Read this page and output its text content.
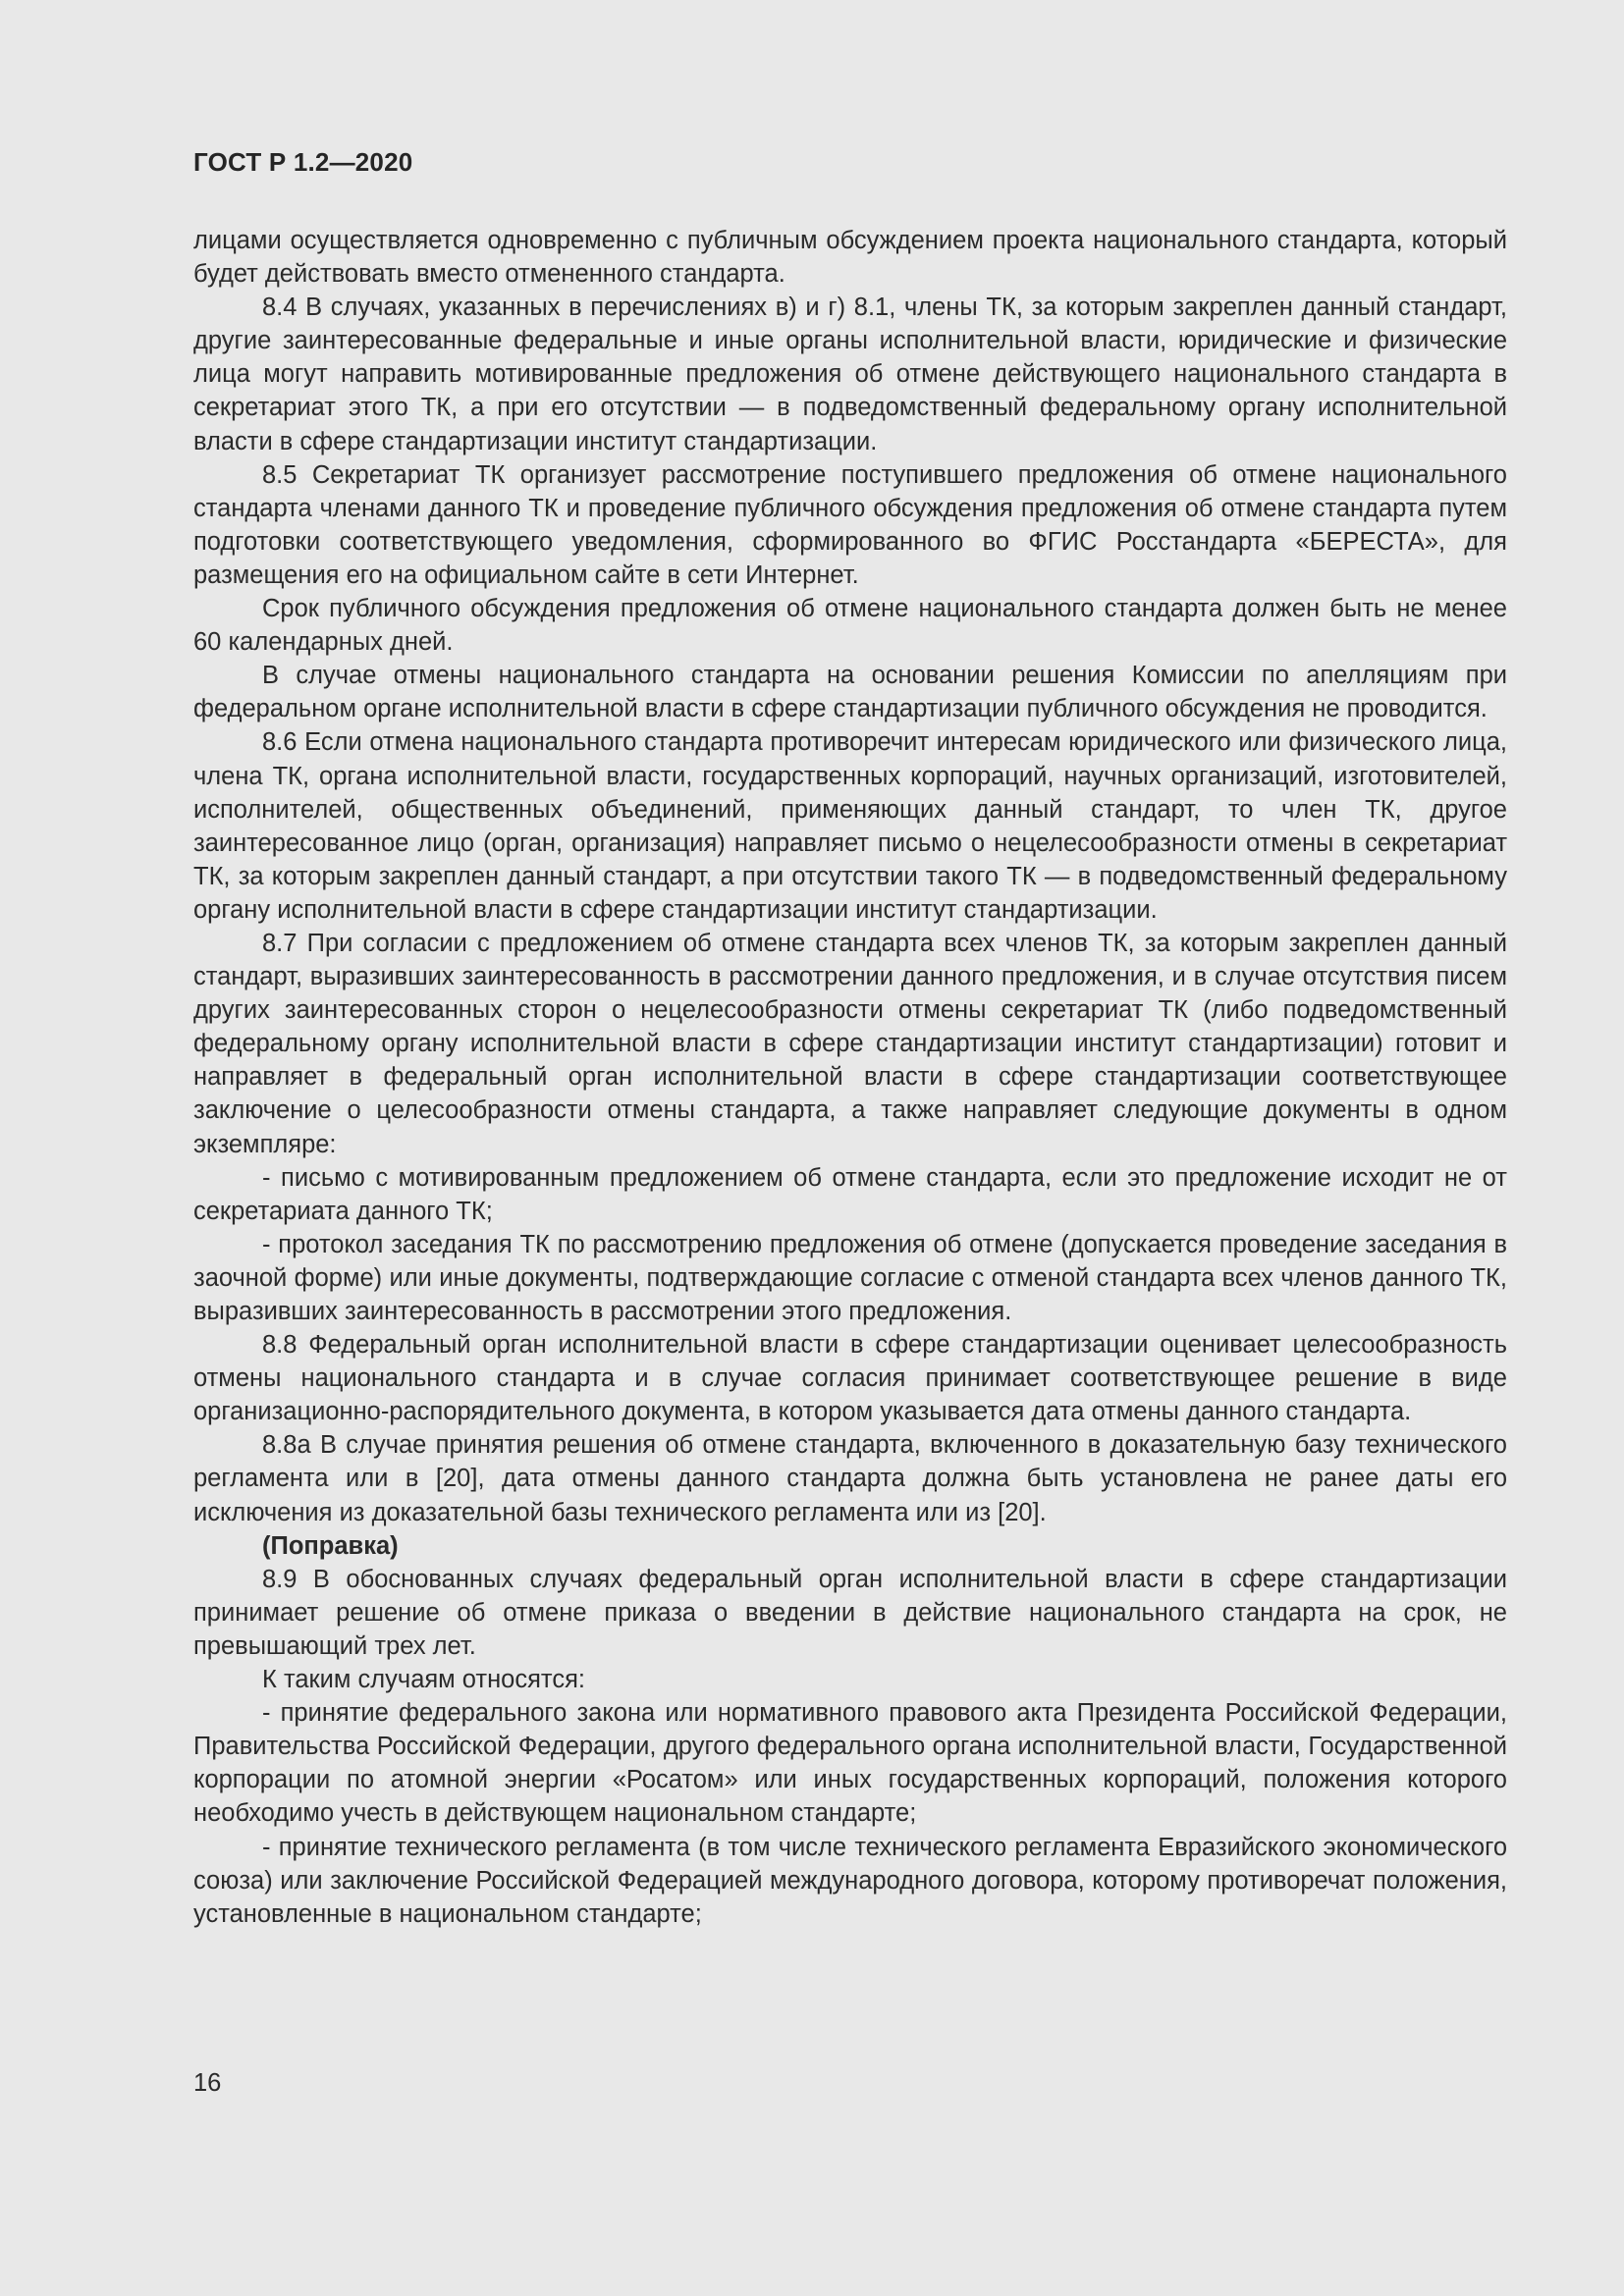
ГОСТ Р 1.2—2020

лицами осуществляется одновременно с публичным обсуждением проекта национального стандарта, который будет действовать вместо отмененного стандарта.

8.4 В случаях, указанных в перечислениях в) и г) 8.1, члены ТК, за которым закреплен данный стандарт, другие заинтересованные федеральные и иные органы исполнительной власти, юридические и физические лица могут направить мотивированные предложения об отмене действующего национального стандарта в секретариат этого ТК, а при его отсутствии — в подведомственный федеральному органу исполнительной власти в сфере стандартизации институт стандартизации.

8.5 Секретариат ТК организует рассмотрение поступившего предложения об отмене национального стандарта членами данного ТК и проведение публичного обсуждения предложения об отмене стандарта путем подготовки соответствующего уведомления, сформированного во ФГИС Росстандарта «БЕРЕСТА», для размещения его на официальном сайте в сети Интернет.

Срок публичного обсуждения предложения об отмене национального стандарта должен быть не менее 60 календарных дней.

В случае отмены национального стандарта на основании решения Комиссии по апелляциям при федеральном органе исполнительной власти в сфере стандартизации публичного обсуждения не проводится.

8.6 Если отмена национального стандарта противоречит интересам юридического или физического лица, члена ТК, органа исполнительной власти, государственных корпораций, научных организаций, изготовителей, исполнителей, общественных объединений, применяющих данный стандарт, то член ТК, другое заинтересованное лицо (орган, организация) направляет письмо о нецелесообразности отмены в секретариат ТК, за которым закреплен данный стандарт, а при отсутствии такого ТК — в подведомственный федеральному органу исполнительной власти в сфере стандартизации институт стандартизации.

8.7 При согласии с предложением об отмене стандарта всех членов ТК, за которым закреплен данный стандарт, выразивших заинтересованность в рассмотрении данного предложения, и в случае отсутствия писем других заинтересованных сторон о нецелесообразности отмены секретариат ТК (либо подведомственный федеральному органу исполнительной власти в сфере стандартизации институт стандартизации) готовит и направляет в федеральный орган исполнительной власти в сфере стандартизации соответствующее заключение о целесообразности отмены стандарта, а также направляет следующие документы в одном экземпляре:

- письмо с мотивированным предложением об отмене стандарта, если это предложение исходит не от секретариата данного ТК;

- протокол заседания ТК по рассмотрению предложения об отмене (допускается проведение заседания в заочной форме) или иные документы, подтверждающие согласие с отменой стандарта всех членов данного ТК, выразивших заинтересованность в рассмотрении этого предложения.

8.8 Федеральный орган исполнительной власти в сфере стандартизации оценивает целесообразность отмены национального стандарта и в случае согласия принимает соответствующее решение в виде организационно-распорядительного документа, в котором указывается дата отмены данного стандарта.

8.8а В случае принятия решения об отмене стандарта, включенного в доказательную базу технического регламента или в [20], дата отмены данного стандарта должна быть установлена не ранее даты его исключения из доказательной базы технического регламента или из [20].

(Поправка)

8.9 В обоснованных случаях федеральный орган исполнительной власти в сфере стандартизации принимает решение об отмене приказа о введении в действие национального стандарта на срок, не превышающий трех лет.

К таким случаям относятся:

- принятие федерального закона или нормативного правового акта Президента Российской Федерации, Правительства Российской Федерации, другого федерального органа исполнительной власти, Государственной корпорации по атомной энергии «Росатом» или иных государственных корпораций, положения которого необходимо учесть в действующем национальном стандарте;

- принятие технического регламента (в том числе технического регламента Евразийского экономического союза) или заключение Российской Федерацией международного договора, которому противоречат положения, установленные в национальном стандарте;

16
